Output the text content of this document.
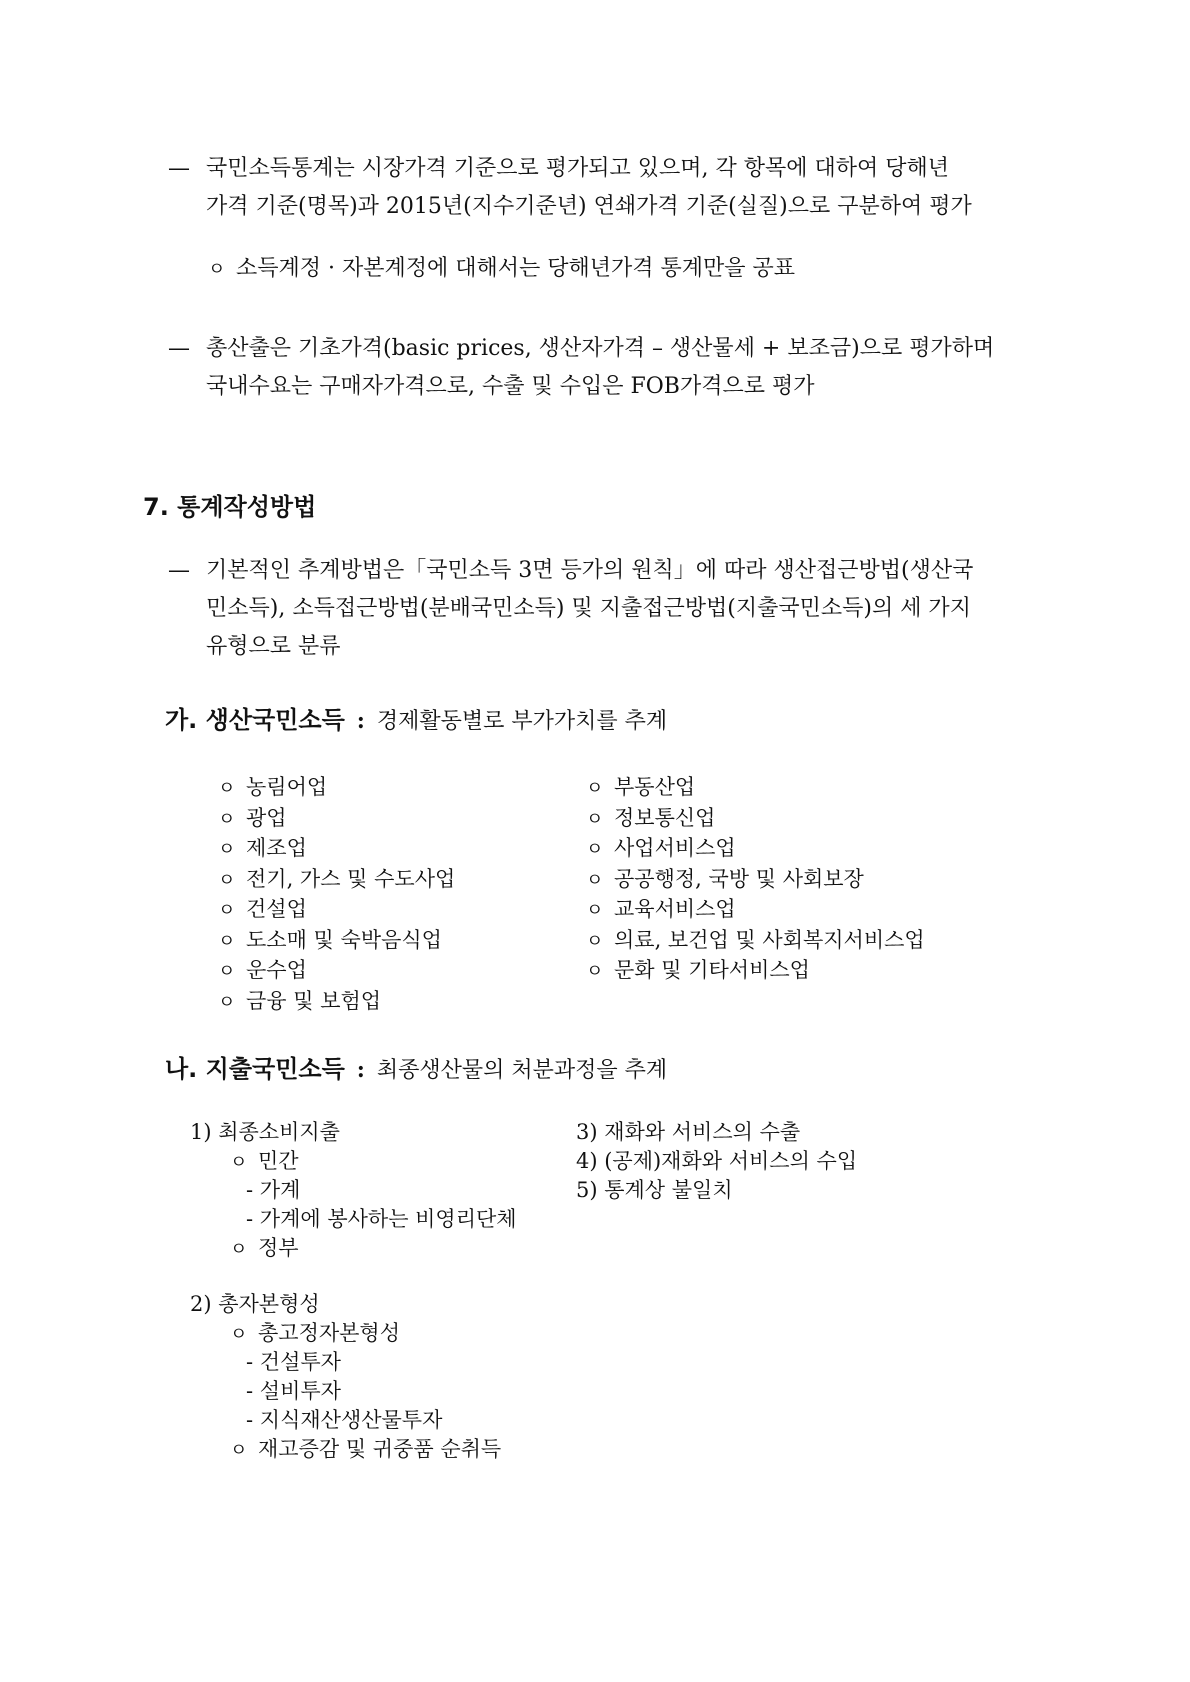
— 국민소득통계는 시장가격 기준으로 평가되고 있으며, 각 항목에 대하여 당해년
가격 기준(명목)과 2015년(지수기준년) 연쇄가격 기준(실질)으로 구분하여 평가
ㅇ 소득계정 · 자본계정에 대해서는 당해년가격 통계만을 공표
— 총산출은 기초가격(basic prices, 생산자가격 – 생산물세 + 보조금)으로 평가하며
국내수요는 구매자가격으로, 수출 및 수입은 FOB가격으로 평가
7. 통계작성방법
— 기본적인 추계방법은「국민소득 3면 등가의 원칙」에 따라 생산접근방법(생산국
민소득), 소득접근방법(분배국민소득) 및 지출접근방법(지출국민소득)의 세 가지
유형으로 분류
가. 생산국민소득 : 경제활동별로 부가가치를 추계
ㅇ 농림어업
ㅇ 광업
ㅇ 제조업
ㅇ 전기, 가스 및 수도사업
ㅇ 건설업
ㅇ 도소매 및 숙박음식업
ㅇ 운수업
ㅇ 금융 및 보험업
ㅇ 부동산업
ㅇ 정보통신업
ㅇ 사업서비스업
ㅇ 공공행정, 국방 및 사회보장
ㅇ 교육서비스업
ㅇ 의료, 보건업 및 사회복지서비스업
ㅇ 문화 및 기타서비스업
나. 지출국민소득 : 최종생산물의 처분과정을 추계
1) 최종소비지출
ㅇ 민간
- 가계
- 가계에 봉사하는 비영리단체
ㅇ 정부
2) 총자본형성
ㅇ 총고정자본형성
- 건설투자
- 설비투자
- 지식재산생산물투자
ㅇ 재고증감 및 귀중품 순취득
3) 재화와 서비스의 수출
4) (공제)재화와 서비스의 수입
5) 통계상 불일치
